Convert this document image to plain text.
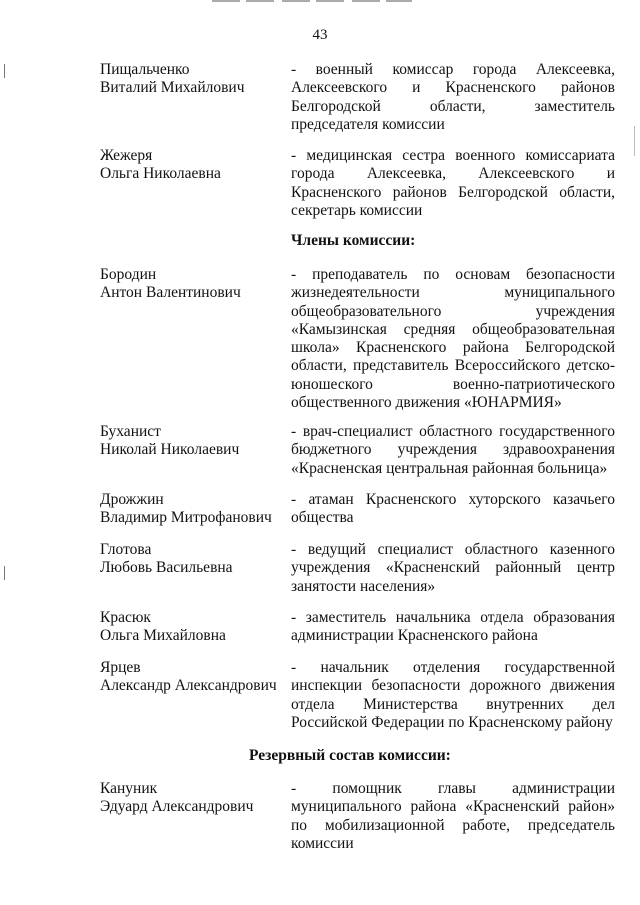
43
Пищальченко
Виталий Михайлович
- военный комиссар города Алексеевка, Алексеевского и Красненского районов Белгородской области, заместитель председателя комиссии
Жежеря
Ольга Николаевна
- медицинская сестра военного комиссариата города Алексеевка, Алексеевского и Красненского районов Белгородской области, секретарь комиссии
Члены комиссии:
Бородин
Антон Валентинович
- преподаватель по основам безопасности жизнедеятельности муниципального общеобразовательного учреждения «Камызинская средняя общеобразовательная школа» Красненского района Белгородской области, представитель Всероссийского детско-юношеского военно-патриотического общественного движения «ЮНАРМИЯ»
Буханист
Николай Николаевич
- врач-специалист областного государственного бюджетного учреждения здравоохранения «Красненская центральная районная больница»
Дрожжин
Владимир Митрофанович
- атаман Красненского хуторского казачьего общества
Глотова
Любовь Васильевна
- ведущий специалист областного казенного учреждения «Красненский районный центр занятости населения»
Красюк
Ольга Михайловна
- заместитель начальника отдела образования администрации Красненского района
Ярцев
Александр Александрович
- начальник отделения государственной инспекции безопасности дорожного движения отдела Министерства внутренних дел Российской Федерации по Красненскому району
Резервный состав комиссии:
Кануник
Эдуард Александрович
- помощник главы администрации муниципального района «Красненский район» по мобилизационной работе, председатель комиссии
